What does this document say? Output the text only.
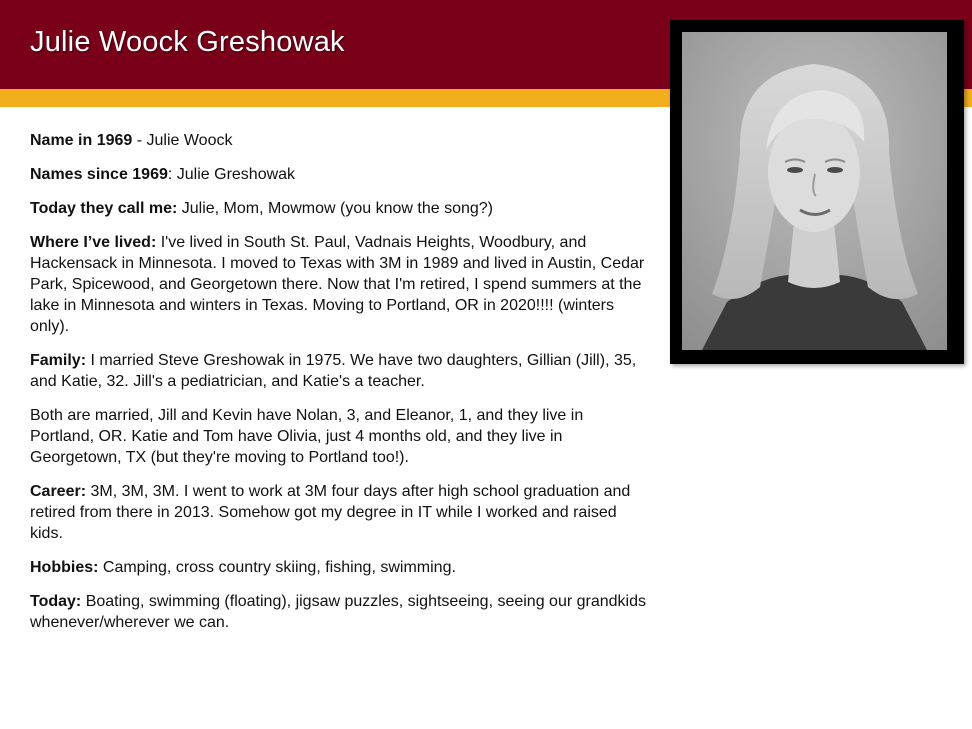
Julie Woock Greshowak

Name in 1969 - Julie Woock

Names since 1969: Julie Greshowak

Today they call me: Julie, Mom, Mowmow (you know the song?)

Where I’ve lived: I've lived in South St. Paul, Vadnais Heights, Woodbury, and Hackensack in Minnesota. I moved to Texas with 3M in 1989 and lived in Austin, Cedar Park, Spicewood, and Georgetown there. Now that I'm retired, I spend summers at the lake in Minnesota and winters in Texas. Moving to Portland, OR in 2020!!!! (winters only).

Family: I married Steve Greshowak in 1975. We have two daughters, Gillian (Jill), 35, and Katie, 32. Jill's a pediatrician, and Katie's a teacher.

Both are married, Jill and Kevin have Nolan, 3, and Eleanor, 1, and they live in Portland, OR. Katie and Tom have Olivia, just 4 months old, and they live in Georgetown, TX (but they're moving to Portland too!).

Career: 3M, 3M, 3M. I went to work at 3M four days after high school graduation and retired from there in 2013. Somehow got my degree in IT while I worked and raised kids.

Hobbies: Camping, cross country skiing, fishing, swimming.

Today: Boating, swimming (floating), jigsaw puzzles, sightseeing, seeing our grandkids whenever/wherever we can.
